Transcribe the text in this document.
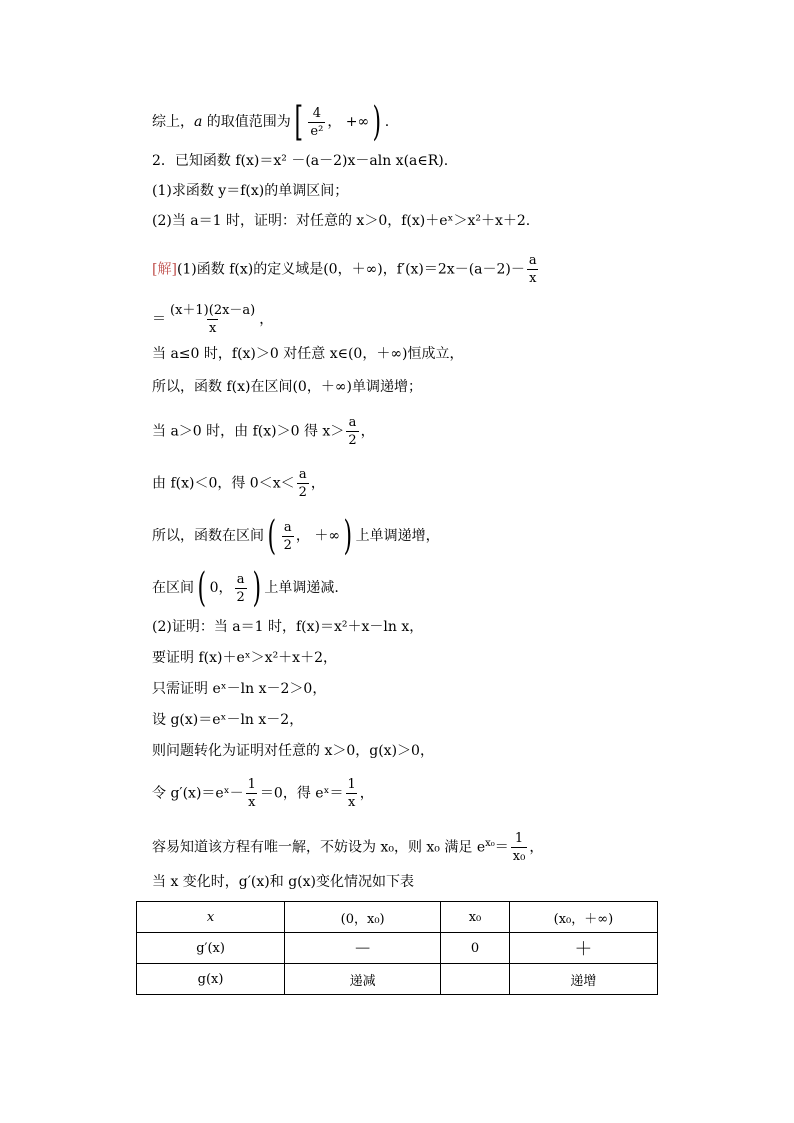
综上，a 的取值范围为[ $\frac{4}{\text{e²}}$ ， +∞) .
2．已知函数 f(x)＝x² －(a－2)x－aln x(a∈R).
(1)求函数 y＝f(x)的单调区间；
(2)当 a＝1 时，证明：对任意的 x＞0，f(x)＋eˣ＞x²＋x＋2.
[解](1)函数 f(x)的定义域是(0，＋∞)，$f'(x)=2x-(a-2)- \frac{a}{x}$
＝ $\frac{(x+1)(2x-a)}{x}$ ，
当 a≤0 时，f(x)＞0 对任意 x∈(0，＋∞)恒成立，
所以，函数 f(x)在区间(0，＋∞)单调递增；
当 a＞0 时，由 f(x)＞0 得 $x> \frac{a}{2}$ ，
由 f(x)＜0，得 $0<x< \frac{a}{2}$ ，
所以，函数在区间( $\frac{a}{2}$ ， ＋∞) 上单调递增，
在区间( 0， $\frac{a}{2}$ ) 上单调递减.
(2)证明：当 a＝1 时，f(x)＝x²＋x－ln x，
要证明 f(x)＋eˣ＞x²＋x＋2，
只需证明 eˣ－ln x－2＞0，
设 g(x)＝eˣ－ln x－2，
则问题转化为证明对任意的 x＞0，g(x)＞0，
令 g′(x)＝eˣ－ $\frac{1}{x} =0$，得 eˣ＝ $\frac{1}{x}$ ，
容易知道该方程有唯一解，不妨设为 x₀，则 x₀ 满足 $e^{x_0}= \frac{1}{\text{x₀}}$ ，
当 x 变化时，g′(x)和 g(x)变化情况如下表
x	(0，x₀)	x₀	(x₀，＋∞)
g′(x)	－	0	＋
g(x)	递减		递增
